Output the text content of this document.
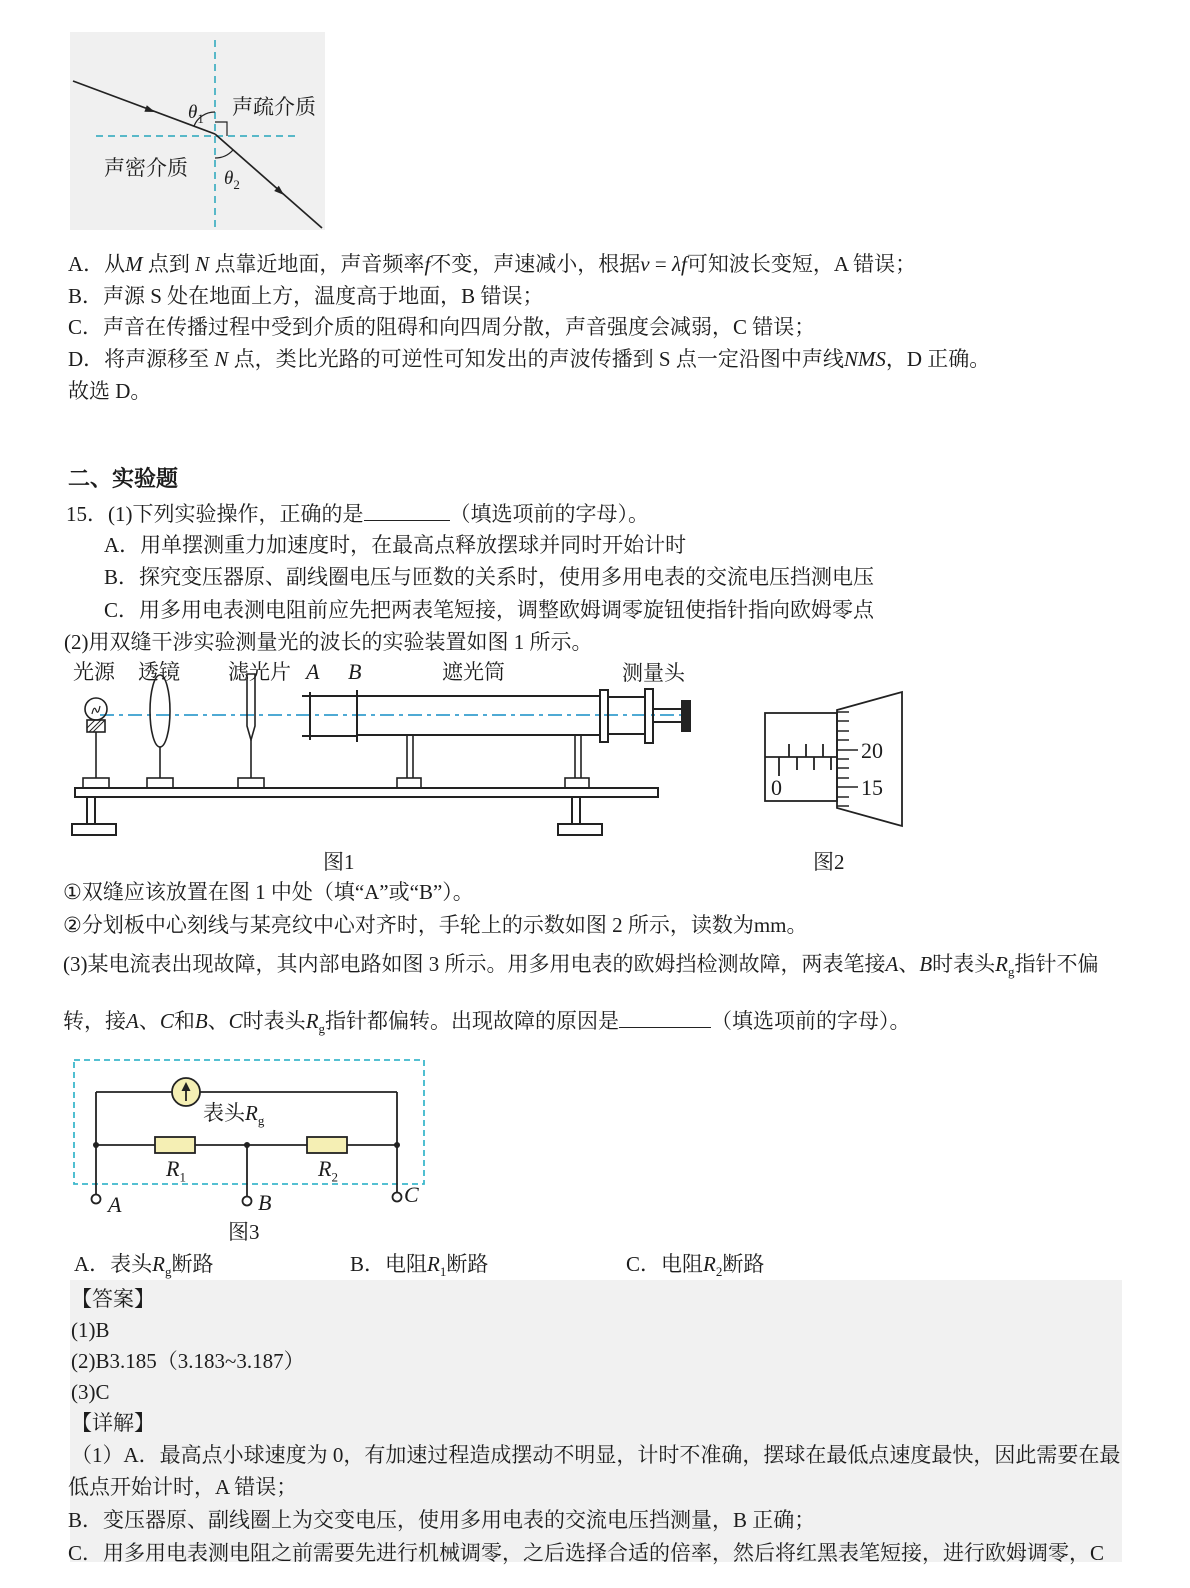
$\theta_1$
$\theta_2$
声疏介质
声密介质
A．从M 点到 N 点靠近地面，声音频率f不变，声速减小，根据v = λf可知波长变短，A 错误；
B．声源 S 处在地面上方，温度高于地面，B 错误；
C．声音在传播过程中受到介质的阻碍和向四周分散，声音强度会减弱，C 错误；
D．将声源移至 N 点，类比光路的可逆性可知发出的声波传播到 S 点一定沿图中声线NMS，D 正确。
故选 D。
二、实验题
15．(1)下列实验操作，正确的是	（填选项前的字母）。
A．用单摆测重力加速度时，在最高点释放摆球并同时开始计时
B．探究变压器原、副线圈电压与匝数的关系时，使用多用电表的交流电压挡测电压
C．用多用电表测电阻前应先把两表笔短接，调整欧姆调零旋钮使指针指向欧姆零点
(2)用双缝干涉实验测量光的波长的实验装置如图 1 所示。
光源 透镜 滤光片 A B	遮光筒	测量头
图1
20
15
0
图2
①双缝应该放置在图 1 中处（填“A”或“B”）。
②分划板中心刻线与某亮纹中心对齐时，手轮上的示数如图 2 所示，读数为mm。
(3)某电流表出现故障，其内部电路如图 3 所示。用多用电表的欧姆挡检测故障，两表笔接A、B时表头$R_g$指针不偏
转，接A、C和B、C时表头$R_g$指针都偏转。出现故障的原因是	（填选项前的字母）。
表头$R_g$
$R_1$	$R_2$
A	B	C
图3
A．表头$R_g$断路	B．电阻$R_1$断路	C．电阻$R_2$断路
【答案】
(1)B
(2)B3.185（3.183~3.187）
(3)C
【详解】
（1）A．最高点小球速度为 0，有加速过程造成摆动不明显，计时不准确，摆球在最低点速度最快，因此需要在最
低点开始计时，A 错误；
B．变压器原、副线圈上为交变电压，使用多用电表的交流电压挡测量，B 正确；
C．用多用电表测电阻之前需要先进行机械调零，之后选择合适的倍率，然后将红黑表笔短接，进行欧姆调零，C
